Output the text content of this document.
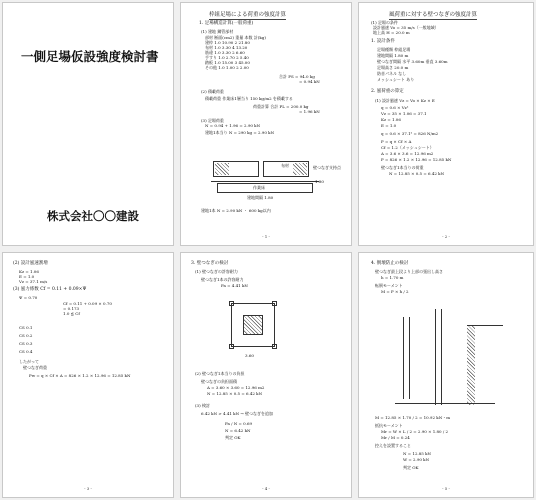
一側足場仮設強度検討書
株式会社〇〇建設
枠組足場による荷重の強度計算
1. 足場構造計算(一般荷重)
(1) 建地 鋼管部材
部材 断面(cm2) 重量 本数 計(kg)
建枠 1.0 10.90 2 21.80
布材 1.0 3.30 4 13.20
筋違 1.0 3.30 2 6.60
手すり 1.0 2.70 2 5.40
踏板 1.0 15.00 3 45.00
その他 1.0 1.00 2 2.00
合計 PS = 94.0 kg
= 0.94 kN
(2) 積載荷重
積載荷重 作業床1層当り 150 kg/m2 を積載する
荷重計算 合計 PL = 200.0 kg
= 1.96 kN
(3) 足場荷重
N = 0.94 + 1.96 = 2.90 kN
建地1本当り N = 290 kg = 2.90 kN
布材
作業床
建地間隔 1.80
壁つなぎ支持点
1.80
建地1本 N = 2.90 kN ・ 600 kg以内
- 1 -
風荷重に対する壁つなぎの強度計算
(1) 足場の条件
設計風速 Vo = 35 m/s（一般地域）
地上高 H = 20.0 m
1. 設計条件
足場種類 枠組足場
建地間隔 1.80 m
壁つなぎ間隔 水平 3.60m 垂直 3.60m
足場高さ 20.0 m
防音パネル なし
メッシュシート あり
2. 風荷重の算定
(1) 設計風速 Vz = Vo × Kz × E
q = 0.6 × Vz²
Vz = 35 × 1.06 = 37.1
Kz = 1.06
E = 1.0
q = 0.6 × 37.1² = 826 N/m2
P = q × Cf × A
Cf = 1.2（メッシュシート）
A = 3.6 × 3.6 = 12.96 m2
P = 826 × 1.2 × 12.96 = 12.85 kN
壁つなぎ1本当りの荷重
N = 12.85 × 0.5 = 6.42 kN
- 2 -
(2) 設計風速割増
Kz = 1.06
E = 1.0
Vz = 37.1 m/s
(3) 風力係数 Cf = 0.11 + 0.09×Ψ
Ψ = 0.70
Cf = 0.11 + 0.09 × 0.70
= 0.173
1.0 ≦ Cf
CS 0.1
CS 0.2
CS 0.3
CS 0.4
したがって
壁つなぎ荷重
Pw = q × Cf × A = 826 × 1.2 × 12.96 = 12.85 kN
- 3 -
3. 壁つなぎの検討
(1) 壁つなぎの許容耐力
壁つなぎ1本の許容耐力
Fa = 4.41 kN
3.60
(2) 壁つなぎ1本当りの負担
壁つなぎの負担面積
A = 3.60 × 3.60 = 12.96 m2
N = 12.85 × 0.5 = 6.42 kN
(3) 検討
6.42 kN > 4.41 kN → 壁つなぎを追加
Fa / N = 0.69
N = 6.42 kN
判定 OK
- 4 -
4. 倒壊防止の検討
壁つなぎ最上段より上部の張出し高さ
h = 1.70 m
転倒モーメント
M = P × h / 2
M = 12.85 × 1.70 / 2 = 10.92 kN・m
抵抗モーメント
Mr = W × L / 2 = 2.90 × 1.80 / 2
Mr / M = 0.24
控えを設置すること
N = 12.85 kN
W = 2.90 kN
判定 OK
- 5 -
